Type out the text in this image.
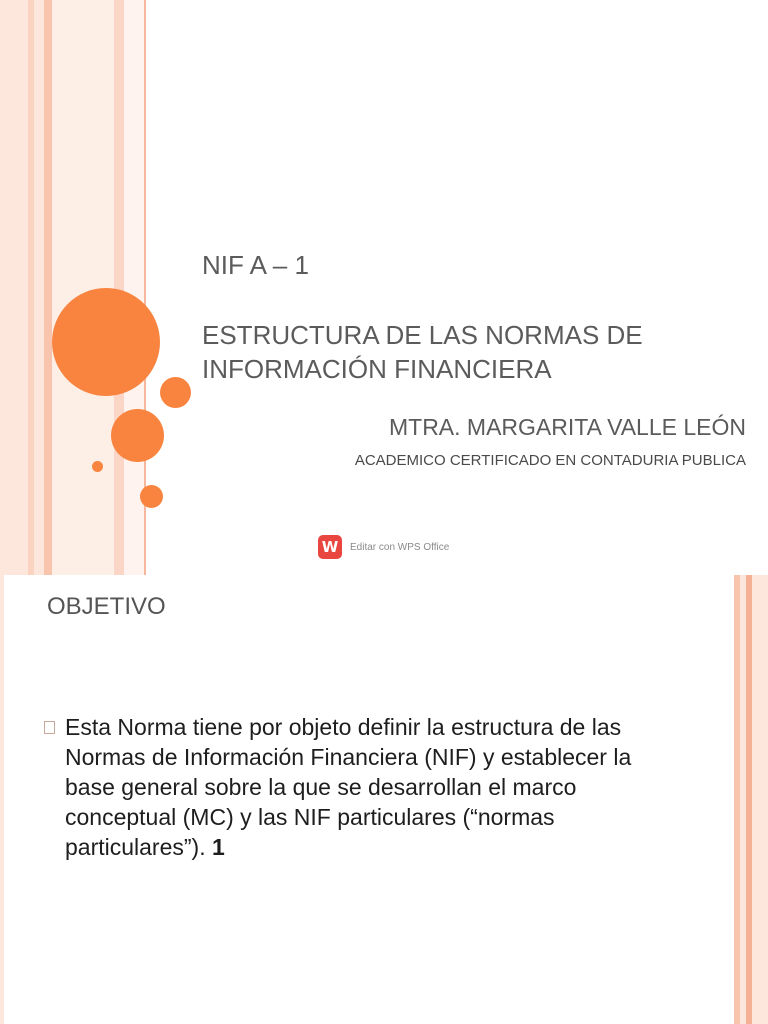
NIF A – 1
ESTRUCTURA DE LAS NORMAS DE INFORMACIÓN FINANCIERA
MTRA. MARGARITA VALLE LEÓN
ACADEMICO CERTIFICADO EN CONTADURIA PUBLICA
W	Editar con WPS Office
OBJETIVO
Esta Norma tiene por objeto definir la estructura de las Normas de Información Financiera (NIF) y establecer la base general sobre la que se desarrollan el marco conceptual (MC) y las NIF particulares (“normas particulares”). 1
